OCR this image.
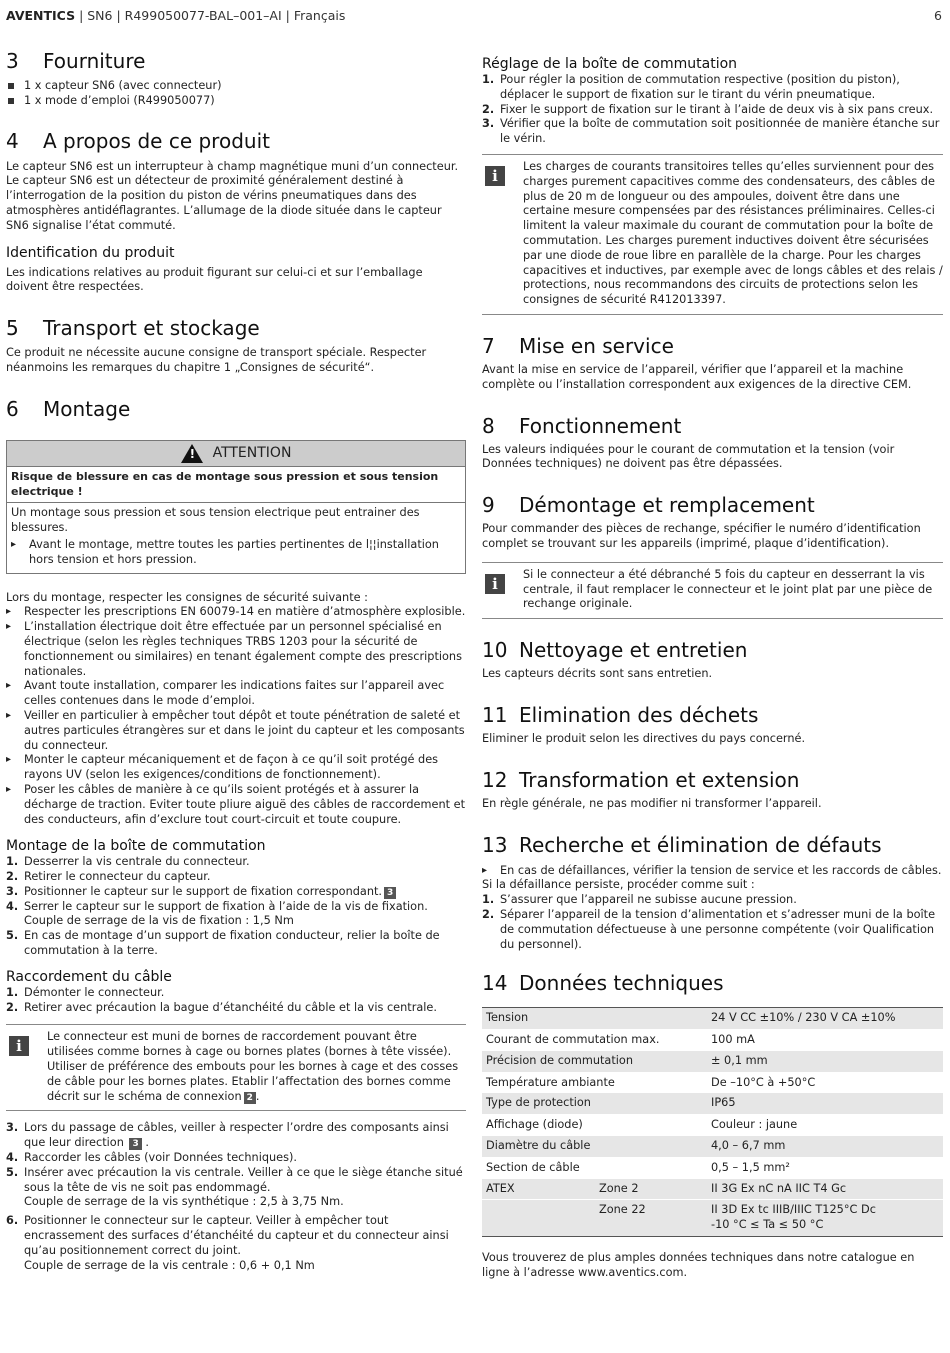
AVENTICS | SN6 | R499050077-BAL–001–AI | Français	6
3	Fourniture
1 x capteur SN6 (avec connecteur)
1 x mode d’emploi (R499050077)
4	A propos de ce produit

Le capteur SN6 est un interrupteur à champ magnétique muni d’un connecteur. Le capteur SN6 est un détecteur de proximité généralement destiné à l’interrogation de la position du piston de vérins pneumatiques dans des atmosphères antidéflagrantes. L’allumage de la diode située dans le capteur SN6 signalise l’état commuté.

Identification du produit

Les indications relatives au produit figurant sur celui-ci et sur l’emballage doivent être respectées.

5	Transport et stockage

Ce produit ne nécessite aucune consigne de transport spéciale. Respecter néanmoins les remarques du chapitre 1 „Consignes de sécurité“.

6	Montage
!
ATTENTION
Risque de blessure en cas de montage sous pression et sous tension electrique !

Un montage sous pression et sous tension electrique peut entrainer des blessures.

▸ Avant le montage, mettre toutes les parties pertinentes de l¦¦installation hors tension et hors pression.

Lors du montage, respecter les consignes de sécurité suivante :

▸ Respecter les prescriptions EN 60079-14 en matière d’atmosphère explosible.
▸ L’installation électrique doit être effectuée par un personnel spécialisé en électrique (selon les règles techniques TRBS 1203 pour la sécurité de fonctionnement ou similaires) en tenant également compte des prescriptions nationales.
▸ Avant toute installation, comparer les indications faites sur l’appareil avec celles contenues dans le mode d’emploi.
▸ Veiller en particulier à empêcher tout dépôt et toute pénétration de saleté et autres particules étrangères sur et dans le joint du capteur et les composants du connecteur.
▸ Monter le capteur mécaniquement et de façon à ce qu’il soit protégé des rayons UV (selon les exigences/conditions de fonctionnement).
▸ Poser les câbles de manière à ce qu’ils soient protégés et à assurer la décharge de traction. Eviter toute pliure aiguë des câbles de raccordement et des conducteurs, afin d’exclure tout court-circuit et toute coupure.
Montage de la boîte de commutation
1. Desserrer la vis centrale du connecteur.
2. Retirer le connecteur du capteur.
3. Positionner le capteur sur le support de fixation correspondant. 3
4. Serrer le capteur sur le support de fixation à l’aide de la vis de fixation.
Couple de serrage de la vis de fixation : 1,5 Nm
5. En cas de montage d’un support de fixation conducteur, relier la boîte de commutation à la terre.
Raccordement du câble
1. Démonter le connecteur.
2. Retirer avec précaution la bague d’étanchéité du câble et la vis centrale.
i

Le connecteur est muni de bornes de raccordement pouvant être utilisées comme bornes à cage ou bornes plates (bornes à tête vissée). Utiliser de préférence des embouts pour les bornes à cage et des cosses de câble pour les bornes plates. Etablir l’affectation des bornes comme décrit sur le schéma de connexion 2 .

3. Lors du passage de câbles, veiller à respecter l’ordre des composants ainsi que leur direction 3 .
4. Raccorder les câbles (voir Données techniques).
5. Insérer avec précaution la vis centrale. Veiller à ce que le siège étanche situé sous la tête de vis ne soit pas endommagé.
Couple de serrage de la vis synthétique : 2,5 à 3,75 Nm.
6. Positionner le connecteur sur le capteur. Veiller à empêcher tout encrassement des surfaces d’étanchéité du capteur et du connecteur ainsi qu’au positionnement correct du joint.
Couple de serrage de la vis centrale : 0,6 + 0,1 Nm
Réglage de la boîte de commutation
1. Pour régler la position de commutation respective (position du piston), déplacer le support de fixation sur le tirant du vérin pneumatique.
2. Fixer le support de fixation sur le tirant à l’aide de deux vis à six pans creux.
3. Vérifier que la boîte de commutation soit positionnée de manière étanche sur le vérin.
i

Les charges de courants transitoires telles qu’elles surviennent pour des charges purement capacitives comme des condensateurs, des câbles de plus de 20 m de longueur ou des ampoules, doivent être dans une certaine mesure compensées par des résistances préliminaires. Celles-ci limitent la valeur maximale du courant de commutation pour la boîte de commutation. Les charges purement inductives doivent être sécurisées par une diode de roue libre en parallèle de la charge. Pour les charges capacitives et inductives, par exemple avec de longs câbles et des relais / protections, nous recommandons des circuits de protections selon les consignes de sécurité R412013397.

7	Mise en service

Avant la mise en service de l’appareil, vérifier que l’appareil et la machine complète ou l’installation correspondent aux exigences de la directive CEM.

8	Fonctionnement

Les valeurs indiquées pour le courant de commutation et la tension (voir Données techniques) ne doivent pas être dépassées.

9	Démontage et remplacement

Pour commander des pièces de rechange, spécifier le numéro d’identification complet se trouvant sur les appareils (imprimé, plaque d’identification).

i

Si le connecteur a été débranché 5 fois du capteur en desserrant la vis centrale, il faut remplacer le connecteur et le joint plat par une pièce de rechange originale.

10 Nettoyage et entretien

Les capteurs décrits sont sans entretien.

11 Elimination des déchets

Eliminer le produit selon les directives du pays concerné.

12 Transformation et extension

En règle générale, ne pas modifier ni transformer l’appareil.

13 Recherche et élimination de défauts
▸ En cas de défaillances, vérifier la tension de service et les raccords de câbles.

Si la défaillance persiste, procéder comme suit :

1. S’assurer que l’appareil ne subisse aucune pression.
2. Séparer l’appareil de la tension d’alimentation et s’adresser muni de la boîte de commutation défectueuse à une personne compétente (voir Qualification du personnel).
14 Données techniques
Tension		24 V CC ±10% / 230 V CA ±10%
Courant de commutation max.		100 mA
Précision de commutation		± 0,1 mm
Température ambiante		De –10°C à +50°C
Type de protection		IP65
Affichage (diode)		Couleur : jaune
Diamètre du câble		4,0 – 6,7 mm
Section de câble		0,5 – 1,5 mm²
ATEX	Zone 2	II 3G Ex nC nA IIC T4 Gc
	Zone 22	II 3D Ex tc IIIB/IIIC T125°C Dc
-10 °C ≤ Ta ≤ 50 °C

Vous trouverez de plus amples données techniques dans notre catalogue en ligne à l’adresse www.aventics.com.
